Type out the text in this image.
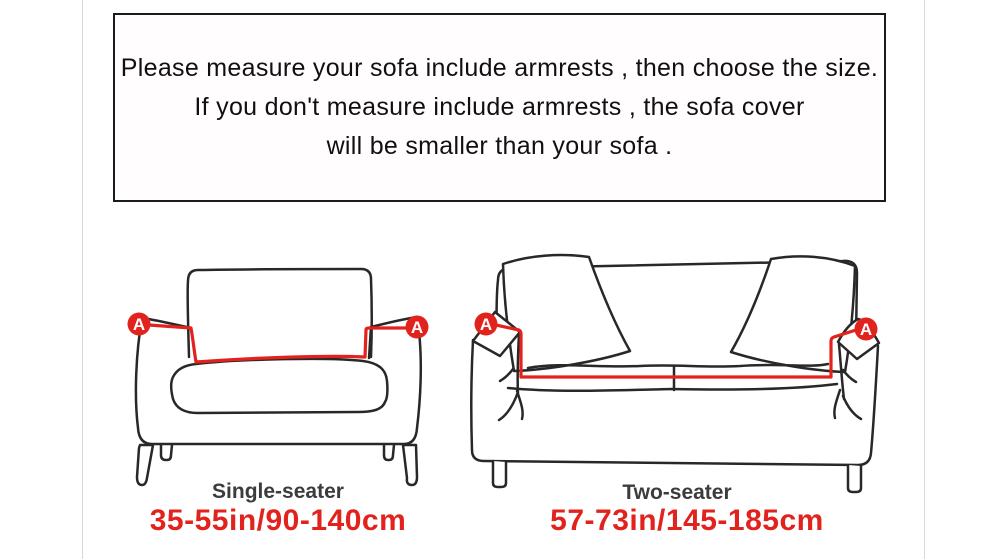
Please measure your sofa include armrests , then choose the size.
If you don't measure include armrests , the sofa cover
will be smaller than your sofa .
A	A	A	A
Single-seater
35-55in/90-140cm
Two-seater
57-73in/145-185cm
